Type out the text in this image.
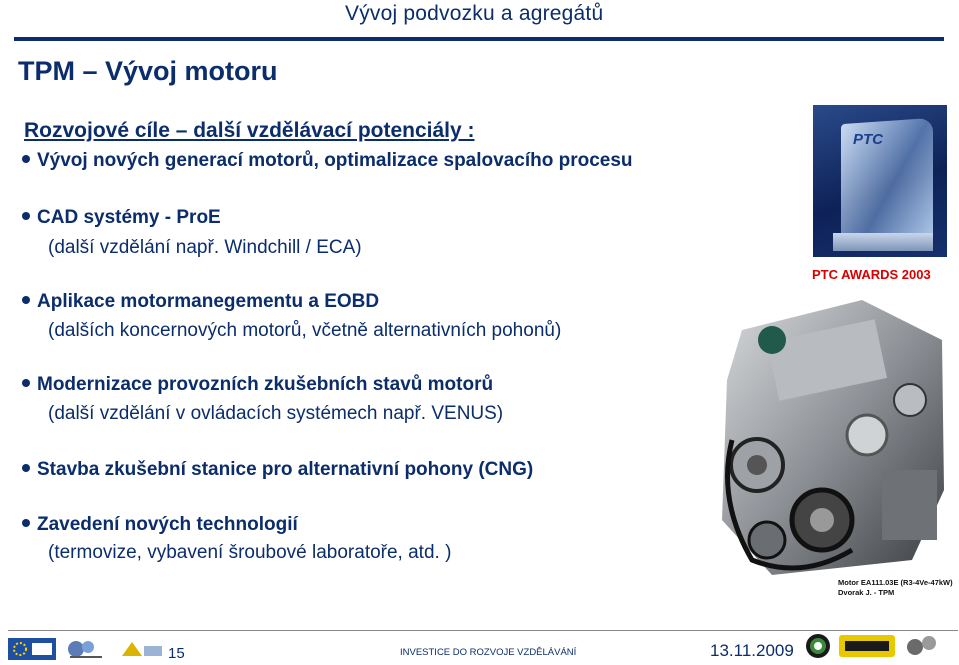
Vývoj podvozku a agregátů
TPM – Vývoj motoru
Rozvojové cíle – další vzdělávací potenciály :
Vývoj nových generací motorů, optimalizace spalovacího procesu
CAD systémy - ProE
(další vzdělání např. Windchill / ECA)
Aplikace motormanegementu a EOBD
(dalších koncernových motorů, včetně alternativních pohonů)
Modernizace provozních zkušebních stavů motorů
(další vzdělání v ovládacích systémech např. VENUS)
Stavba zkušební stanice pro alternativní pohony (CNG)
Zavedení nových technologií
(termovize, vybavení šroubové laboratoře, atd. )
PTC
PTC AWARDS 2003
Motor EA111.03E (R3-4Ve-47kW)
Dvorak J. - TPM
15	INVESTICE DO ROZVOJE VZDĚLÁVÁNÍ	13.11.2009
